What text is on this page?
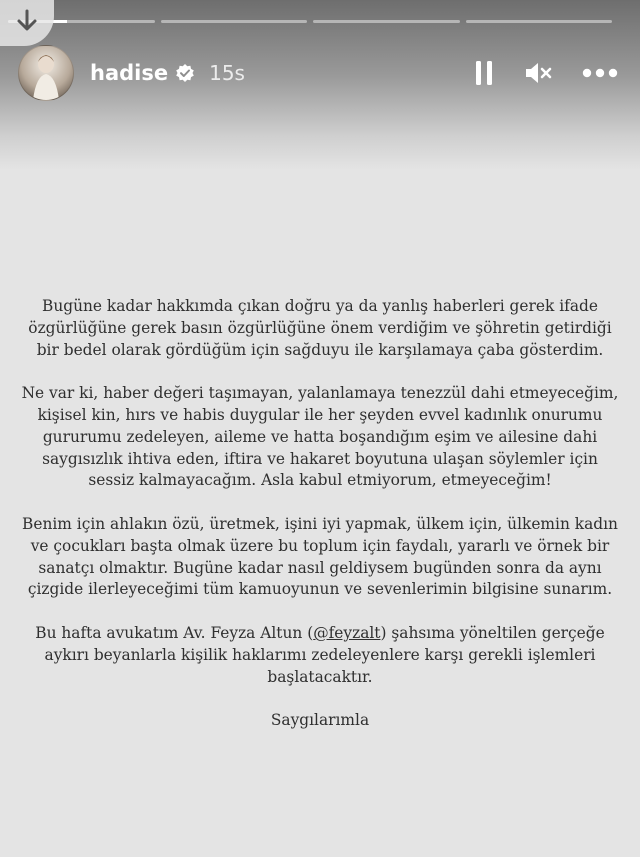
hadise 15s

Bugüne kadar hakkımda çıkan doğru ya da yanlış haberleri gerek ifade özgürlüğüne gerek basın özgürlüğüne önem verdiğim ve şöhretin getirdiği bir bedel olarak gördüğüm için sağduyu ile karşılamaya çaba gösterdim.

Ne var ki, haber değeri taşımayan, yalanlamaya tenezzül dahi etmeyeceğim, kişisel kin, hırs ve habis duygular ile her şeyden evvel kadınlık onurumu gururumu zedeleyen, aileme ve hatta boşandığım eşim ve ailesine dahi saygısızlık ihtiva eden, iftira ve hakaret boyutuna ulaşan söylemler için sessiz kalmayacağım. Asla kabul etmiyorum, etmeyeceğim!

Benim için ahlakın özü, üretmek, işini iyi yapmak, ülkem için, ülkemin kadın ve çocukları başta olmak üzere bu toplum için faydalı, yararlı ve örnek bir sanatçı olmaktır. Bugüne kadar nasıl geldiysem bugünden sonra da aynı çizgide ilerleyeceğimi tüm kamuoyunun ve sevenlerimin bilgisine sunarım.

Bu hafta avukatım Av. Feyza Altun (@feyzalt) şahsıma yöneltilen gerçeğe aykırı beyanlarla kişilik haklarımı zedeleyenlere karşı gerekli işlemleri başlatacaktır.

Saygılarımla
